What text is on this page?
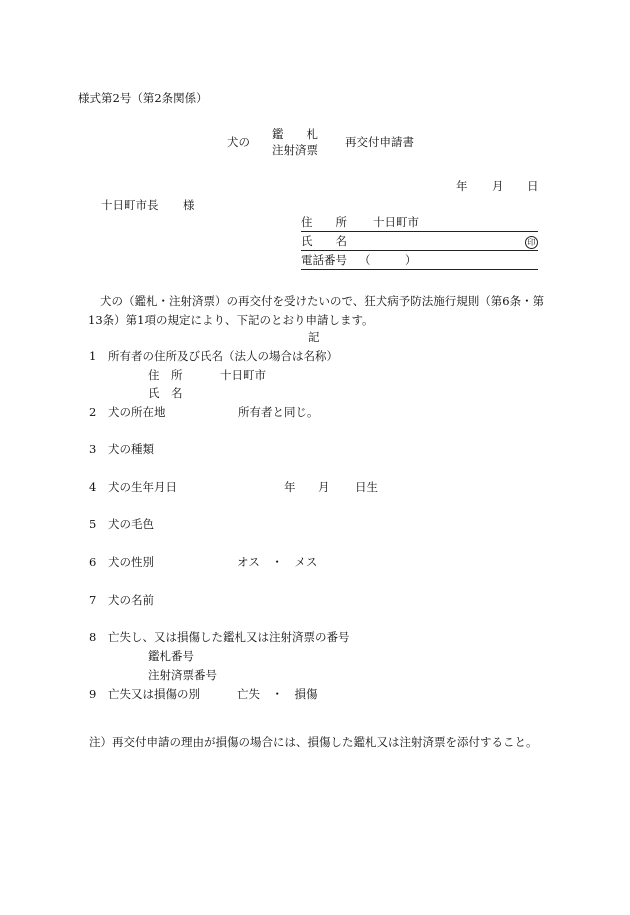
様式第2号（第2条関係）
犬の
鑑　　札
注射済票
再交付申請書
年 月 日
十日町市長 様
住　　所 十日町市
氏　　名	印
電話番号 （　　　）
犬の（鑑札・注射済票）の再交付を受けたいので、狂犬病予防法施行規則（第6条・第13条）第1項の規定により、下記のとおり申請します。
記
1 所有者の住所及び氏名（法人の場合は名称）
住　所	十日町市
氏　名
2 犬の所在地	所有者と同じ。
3 犬の種類
4 犬の生年月日	年 月 日生
5 犬の毛色
6 犬の性別	オス　・　メス
7 犬の名前
8 亡失し、又は損傷した鑑札又は注射済票の番号
鑑札番号
注射済票番号
9 亡失又は損傷の別	亡失　・　損傷
注）再交付申請の理由が損傷の場合には、損傷した鑑札又は注射済票を添付すること。
